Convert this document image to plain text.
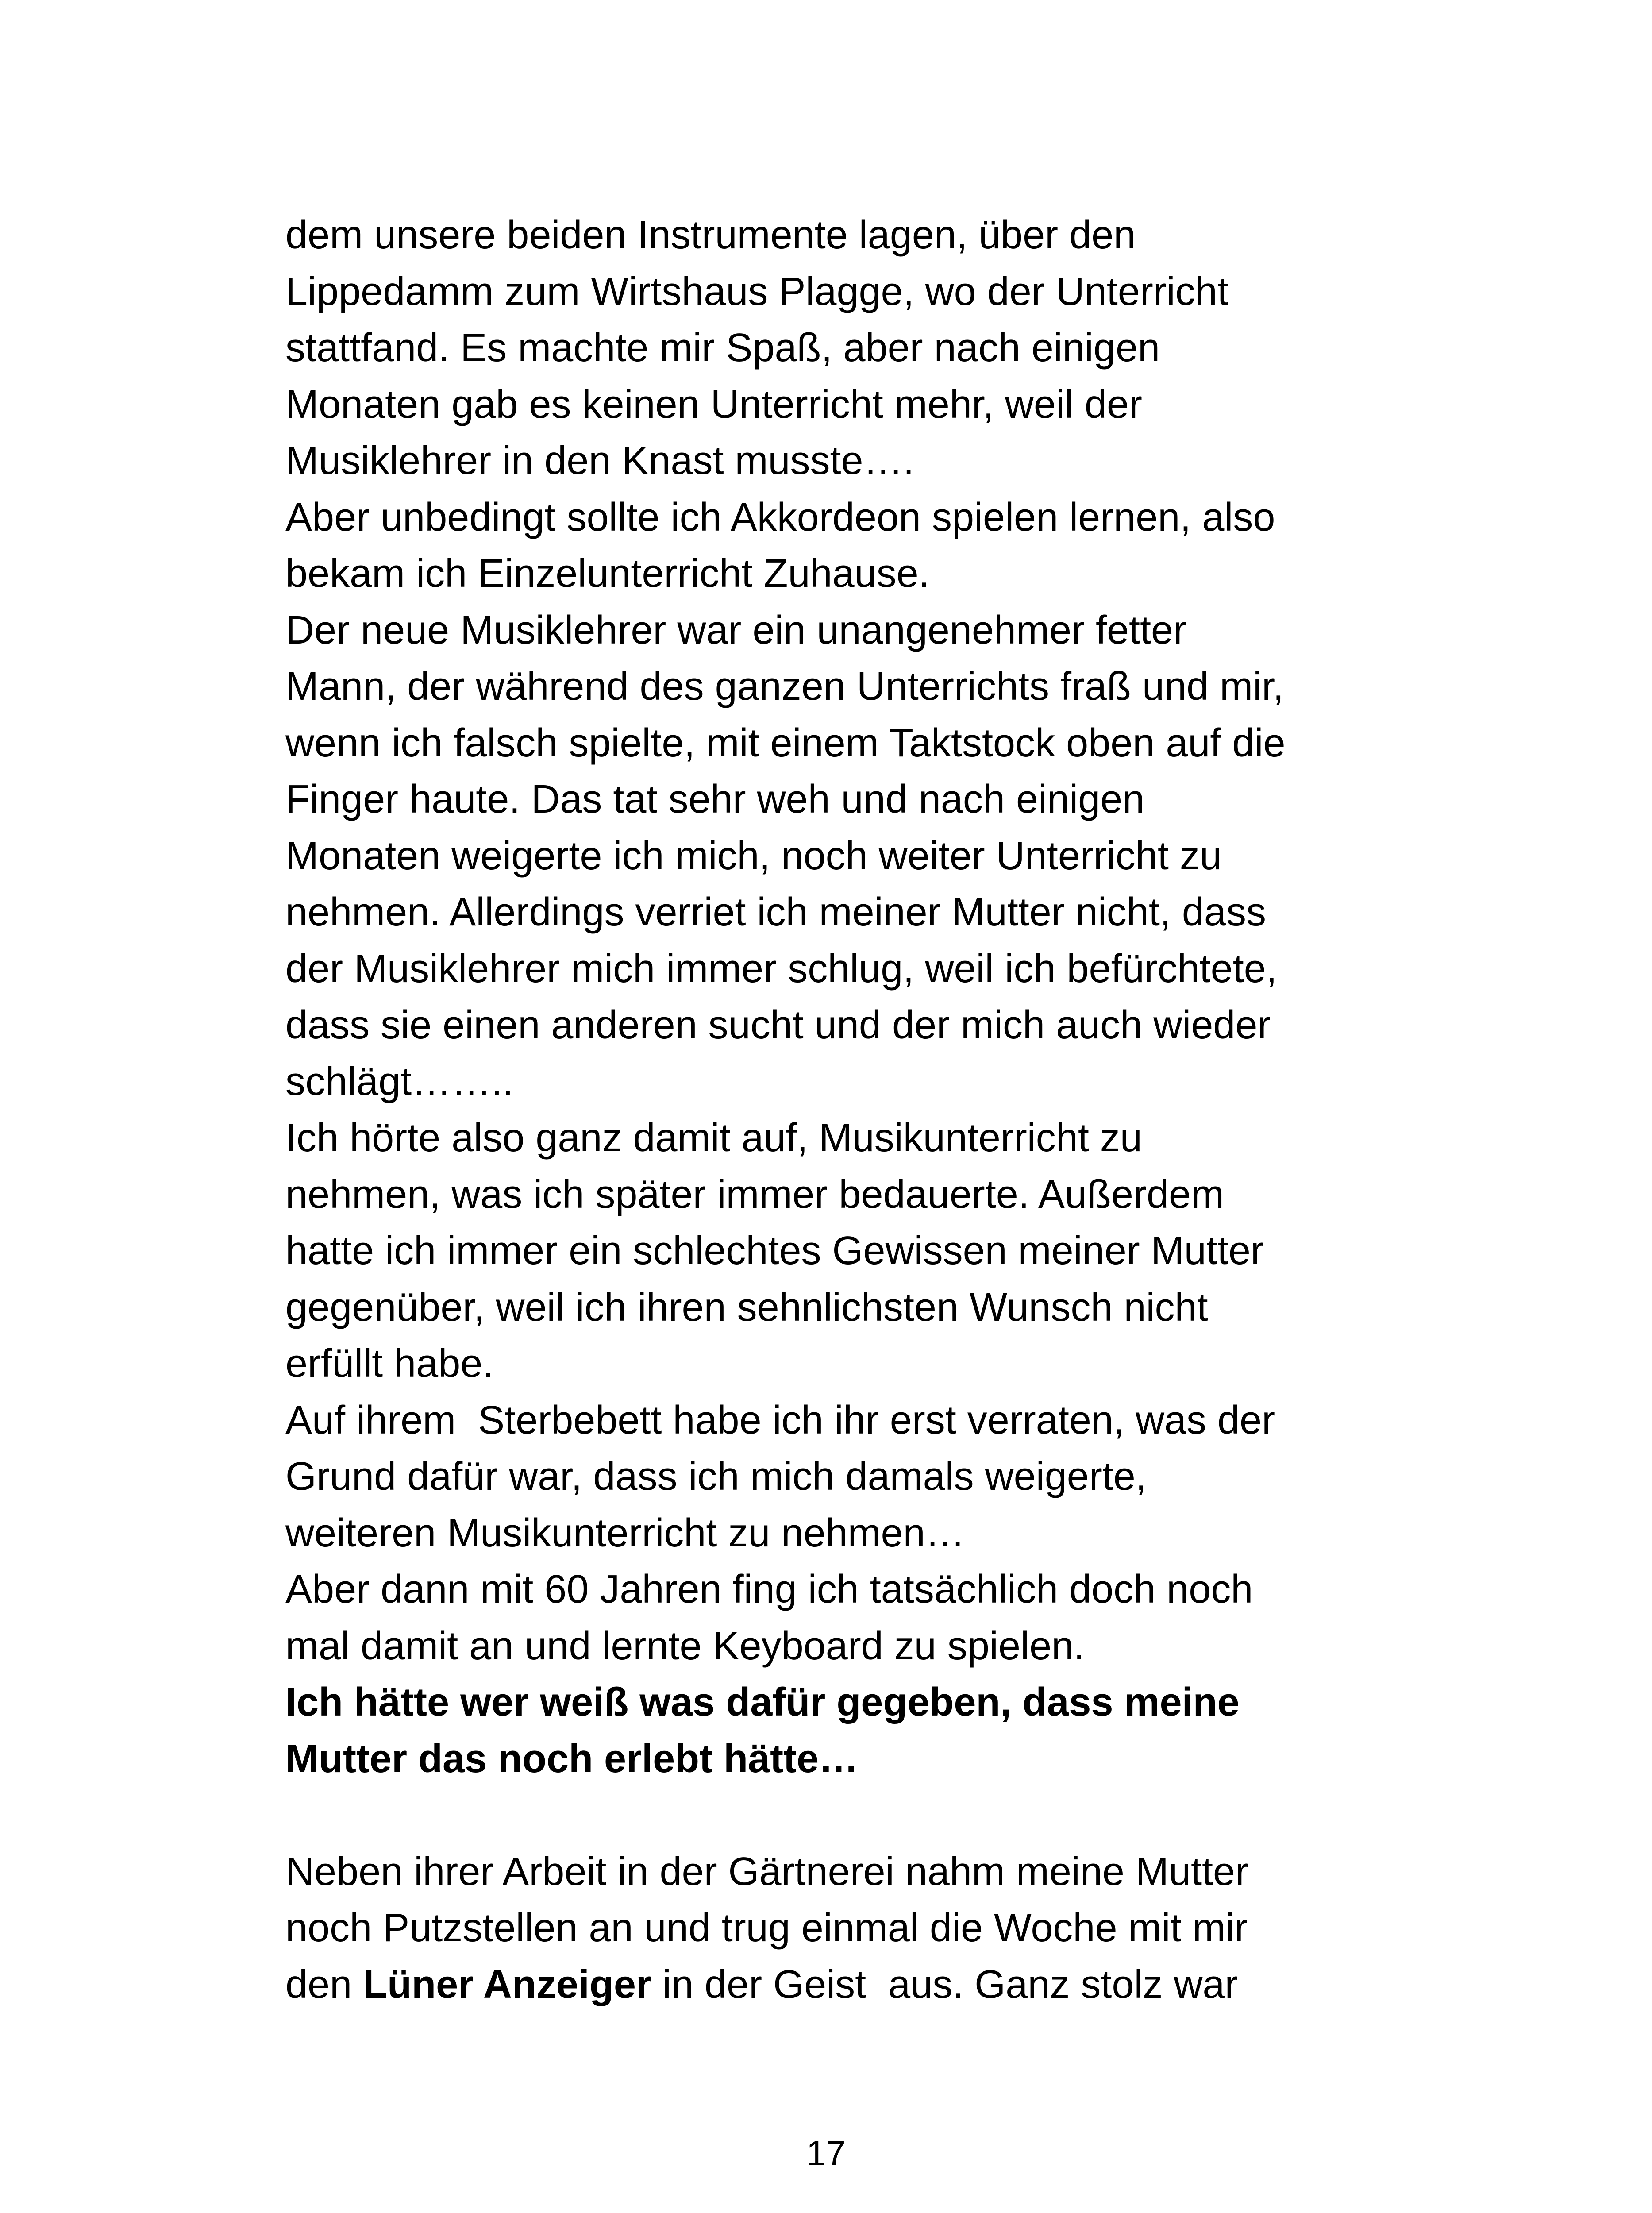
dem unsere beiden Instrumente lagen, über den
Lippedamm zum Wirtshaus Plagge, wo der Unterricht
stattfand. Es machte mir Spaß, aber nach einigen
Monaten gab es keinen Unterricht mehr, weil der
Musiklehrer in den Knast musste….
Aber unbedingt sollte ich Akkordeon spielen lernen, also
bekam ich Einzelunterricht Zuhause.
Der neue Musiklehrer war ein unangenehmer fetter
Mann, der während des ganzen Unterrichts fraß und mir,
wenn ich falsch spielte, mit einem Taktstock oben auf die
Finger haute. Das tat sehr weh und nach einigen
Monaten weigerte ich mich, noch weiter Unterricht zu
nehmen. Allerdings verriet ich meiner Mutter nicht, dass
der Musiklehrer mich immer schlug, weil ich befürchtete,
dass sie einen anderen sucht und der mich auch wieder
schlägt……..
Ich hörte also ganz damit auf, Musikunterricht zu
nehmen, was ich später immer bedauerte. Außerdem
hatte ich immer ein schlechtes Gewissen meiner Mutter
gegenüber, weil ich ihren sehnlichsten Wunsch nicht
erfüllt habe.
Auf ihrem  Sterbebett habe ich ihr erst verraten, was der
Grund dafür war, dass ich mich damals weigerte,
weiteren Musikunterricht zu nehmen…
Aber dann mit 60 Jahren fing ich tatsächlich doch noch
mal damit an und lernte Keyboard zu spielen.
Ich hätte wer weiß was dafür gegeben, dass meine
Mutter das noch erlebt hätte…
Neben ihrer Arbeit in der Gärtnerei nahm meine Mutter
noch Putzstellen an und trug einmal die Woche mit mir
den Lüner Anzeiger in der Geist  aus. Ganz stolz war
17
